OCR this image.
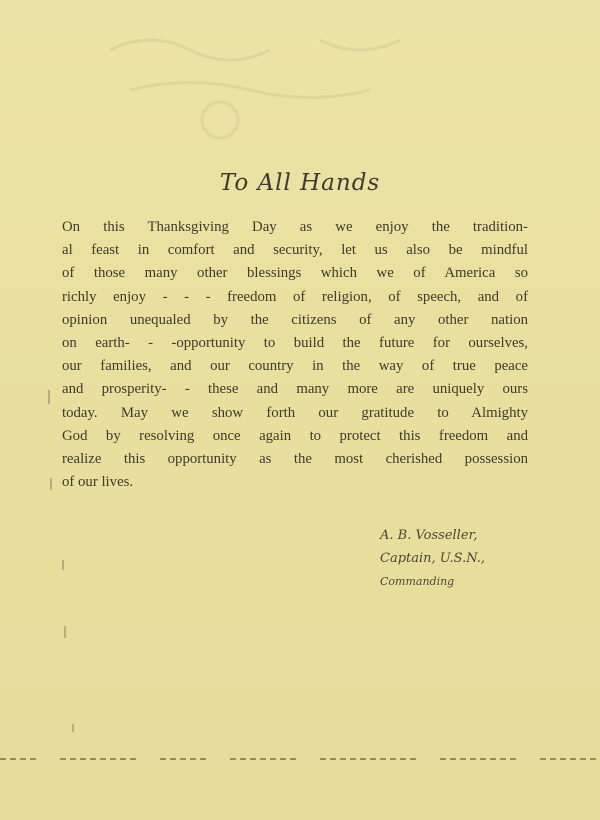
To All Hands

On this Thanksgiving Day as we enjoy the tradition-
al feast in comfort and security, let us also be mindful
of those many other blessings which we of America so
richly enjoy - - - freedom of religion, of speech, and of
opinion unequaled by the citizens of any other nation
on earth- - -opportunity to build the future for ourselves,
our families, and our country in the way of true peace
and prosperity- - these and many more are uniquely ours
today. May we show forth our gratitude to Almighty
God by resolving once again to protect this freedom and
realize this opportunity as the most cherished possession
of our lives.

A. B. Vosseller,
Captain, U.S.N.,
Commanding
